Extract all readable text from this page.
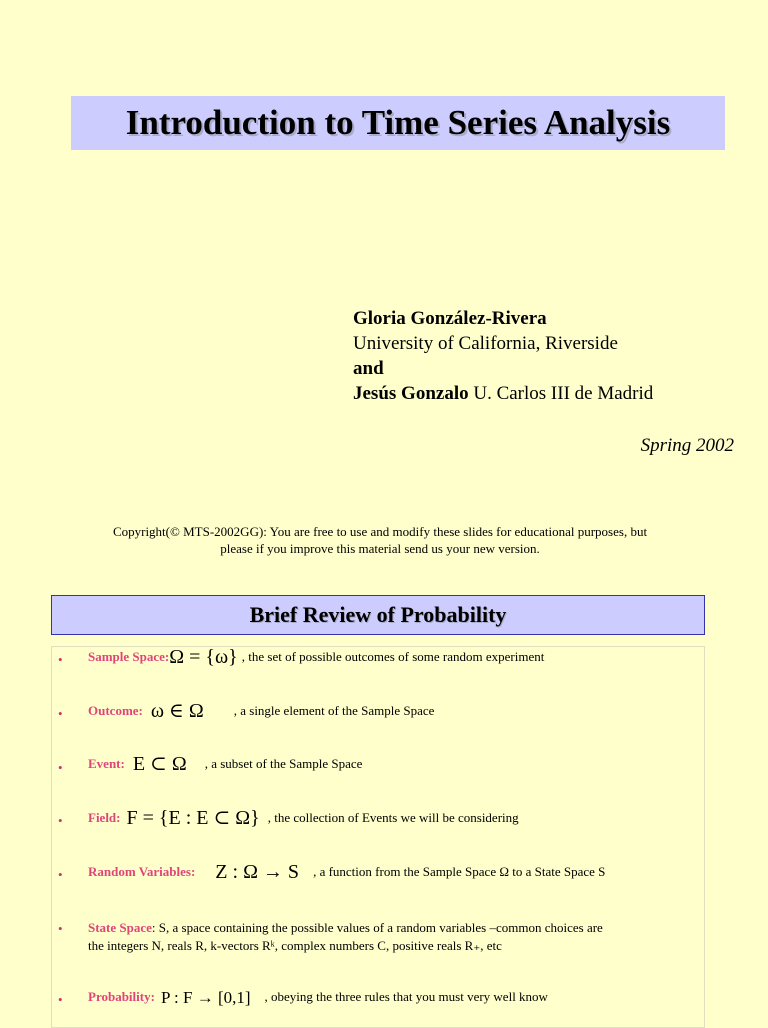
Introduction to Time Series Analysis
Gloria González-Rivera
University of California, Riverside
and
Jesús Gonzalo U. Carlos III de Madrid
Spring 2002
Copyright(© MTS-2002GG): You are free to use and modify these slides for educational purposes, but
please if you improve this material send us your new version.
Brief Review of Probability
• Sample Space:Ω = {ω} , the set of possible outcomes of some random experiment
• Outcome: ω ∈ Ω , a single element of the Sample Space
• Event: E ⊂ Ω , a subset of the Sample Space
• Field: F = {E : E ⊂ Ω} , the collection of Events we will be considering
• Random Variables: Z : Ω → S , a function from the Sample Space Ω to a State Space S
• State Space: S, a space containing the possible values of a random variables –common choices are
the integers N, reals R, k-vectors Rᵏ, complex numbers C, positive reals R₊, etc
• Probability: P : F → [0,1] , obeying the three rules that you must very well know
